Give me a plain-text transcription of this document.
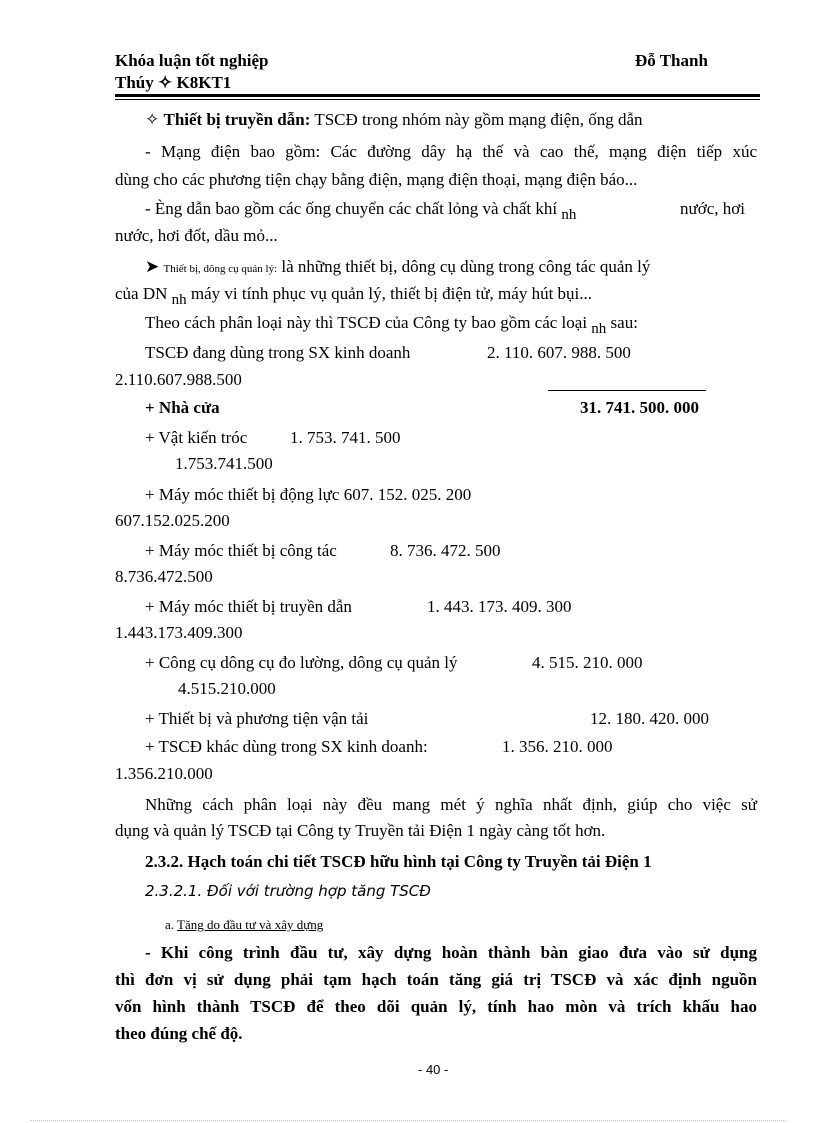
Khóa luận tốt nghiệp	Đỗ Thanh
Thúy ✧ K8KT1
✧ Thiết bị truyền dẫn: TSCĐ trong nhóm này gồm mạng điện, ống dẫn
- Mạng điện bao gồm: Các đường dây hạ thế và cao thế, mạng điện tiếp xúc
dùng cho các phương tiện chạy bằng điện, mạng điện thoại, mạng điện báo...
- Èng dẫn bao gồm các ống chuyển các chất lỏng và chất khí nh	nước, hơi
nước, hơi đốt, dầu mỏ...
➤ Thiết bị, dông cụ quản lý: là những thiết bị, dông cụ dùng trong công tác quản lý
của DN nh máy vi tính phục vụ quản lý, thiết bị điện tử, máy hút bụi...
Theo cách phân loại này thì TSCĐ của Công ty bao gồm các loại nh sau:
TSCĐ đang dùng trong SX kinh doanh	2. 110. 607. 988. 500
2.110.607.988.500
+ Nhà cửa	31. 741. 500. 000
+ Vật kiến tróc	1. 753. 741. 500
1.753.741.500
+ Máy móc thiết bị động lực 607. 152. 025. 200
607.152.025.200
+ Máy móc thiết bị công tác	8. 736. 472. 500
8.736.472.500
+ Máy móc thiết bị truyền dẫn	1. 443. 173. 409. 300
1.443.173.409.300
+ Công cụ dông cụ đo lường, dông cụ quản lý	4. 515. 210. 000
4.515.210.000
+ Thiết bị và phương tiện vận tải	12. 180. 420. 000
+ TSCĐ khác dùng trong SX kinh doanh:	1. 356. 210. 000
1.356.210.000
Những cách phân loại này đều mang mét ý nghĩa nhất định, giúp cho việc sử
dụng và quản lý TSCĐ tại Công ty Truyền tải Điện 1 ngày càng tốt hơn.
2.3.2. Hạch toán chi tiết TSCĐ hữu hình tại Công ty Truyền tải Điện 1
2.3.2.1. Đối với trường hợp tăng TSCĐ
a. Tăng do đầu tư và xây dựng
- Khi công trình đầu tư, xây dựng hoàn thành bàn giao đưa vào sử dụng
thì đơn vị sử dụng phải tạm hạch toán tăng giá trị TSCĐ và xác định nguồn
vốn hình thành TSCĐ để theo dõi quản lý, tính hao mòn và trích khấu hao
theo đúng chế độ.
- 40 -
